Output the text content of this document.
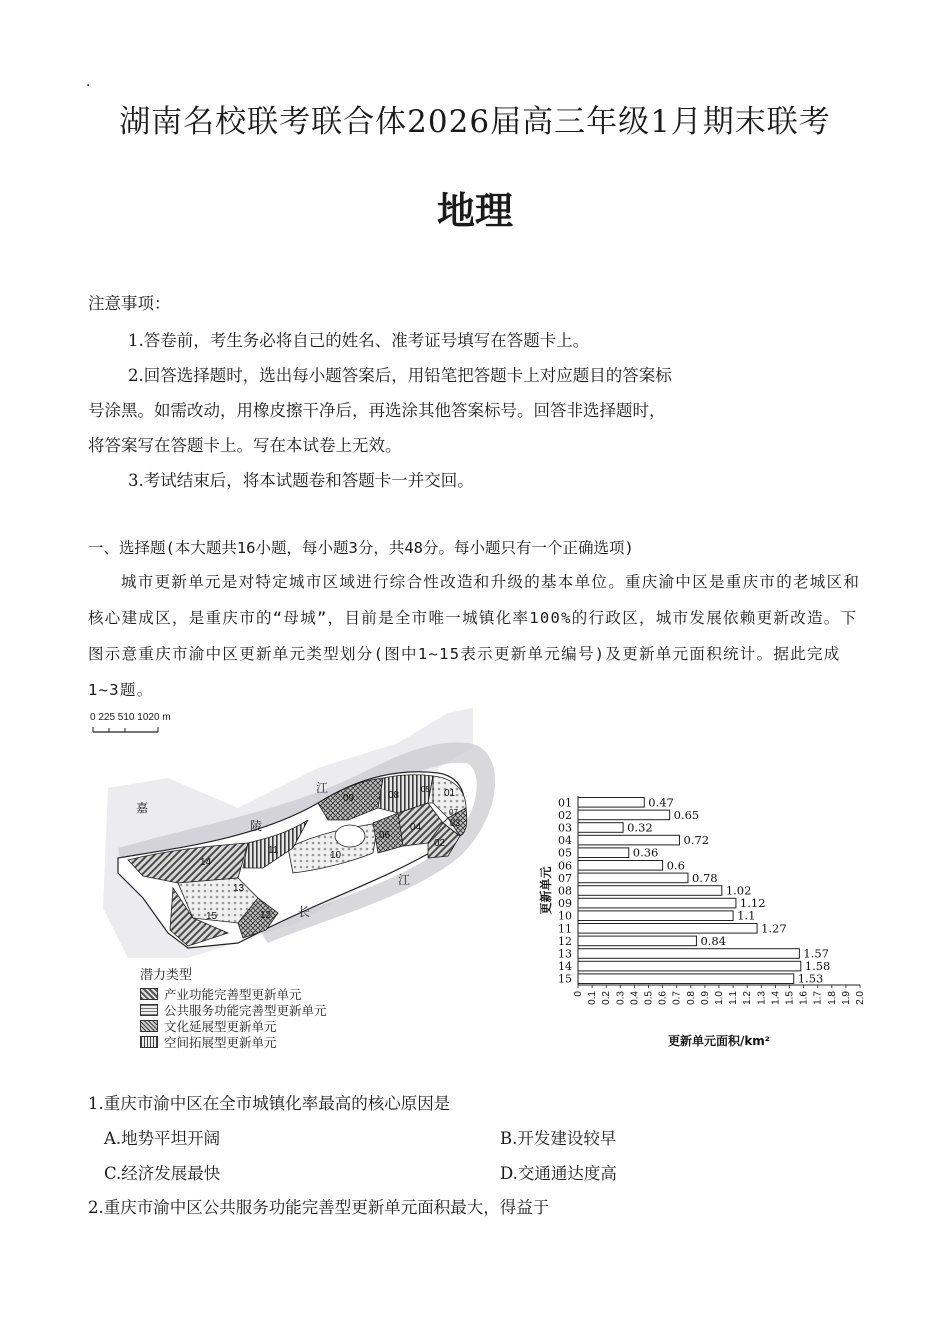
·
湖南名校联考联合体2026届高三年级1月期末联考
地理
注意事项：
1.答卷前，考生务必将自己的姓名、准考证号填写在答题卡上。
2.回答选择题时，选出每小题答案后，用铅笔把答题卡上对应题目的答案标
号涂黑。如需改动，用橡皮擦干净后，再选涂其他答案标号。回答非选择题时，
将答案写在答题卡上。写在本试卷上无效。
3.考试结束后，将本试题卷和答题卡一并交回。
一、选择题(本大题共16小题，每小题3分，共48分。每小题只有一个正确选项)
城市更新单元是对特定城市区域进行综合性改造和升级的基本单位。重庆渝中区是重庆市的老城区和核心建成区，是重庆市的“母城”，目前是全市唯一城镇化率100%的行政区，城市发展依赖更新改造。下图示意重庆市渝中区更新单元类型划分(图中1~15表示更新单元编号)及更新单元面积统计。据此完成1~3题。
0 225 510 1020 m
14
13
15	12
10
11
09	08
04
06
02
01
03
05
07
嘉
陵
江
长
江
潜力类型
产业功能完善型更新单元
公共服务功能完善型更新单元
文化延展型更新单元
空间拓展型更新单元
01	0.47
02	0.65
03	0.32
04	0.72
05	0.36
06	0.6
07	0.78
08	1.02
09	1.12
10	1.1
11	1.27
12	0.84
13	1.57
14	1.58
15	1.53
0 0.1 0.2 0.3 0.4 0.5 0.6 0.7 0.8 0.9 1.0 1.1 1.2 1.3 1.4 1.5 1.6 1.7 1.8 1.9 2.0
更新单元
更新单元面积/km²
1.重庆市渝中区在全市城镇化率最高的核心原因是
A.地势平坦开阔	B.开发建设较早
C.经济发展最快	D.交通通达度高
2.重庆市渝中区公共服务功能完善型更新单元面积最大，得益于
